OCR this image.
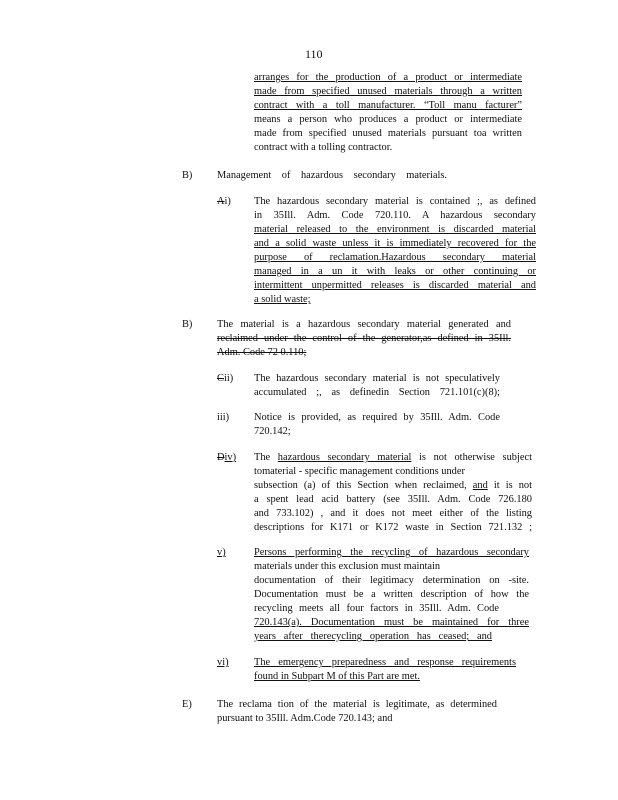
110

arranges for the production of a product or intermediate

made from specified unused materials through a written

contract with a toll manufacturer. “Toll manu facturer”

means a person who produces a product or intermediate

made from specified unused materials pursuant toa written

contract with a tolling contractor.

B) Management of hazardous secondary materials.

Ai) The hazardous secondary material is contained ;, as defined

in 35Ill. Adm. Code 720.110. A hazardous secondary

material released to the environment is discarded material

and a solid waste unless it is immediately recovered for the

purpose of reclamation.Hazardous secondary material

managed in a un it with leaks or other continuing or

intermittent unpermitted releases is discarded material and

a solid waste;

B) The material is a hazardous secondary material generated and

reclaimed under the control of the generator,as defined in 35Ill.

Adm. Code 72 0.110;

Cii) The hazardous secondary material is not speculatively

accumulated ;, as definedin Section 721.101(c)(8);

iii) Notice is provided, as required by 35Ill. Adm. Code

720.142;

Div) The hazardous secondary material is not otherwise subject

tomaterial - specific management conditions under

subsection (a) of this Section when reclaimed, and it is not

a spent lead acid battery (see 35Ill. Adm. Code 726.180

and 733.102) , and it does not meet either of the listing

descriptions for K171 or K172 waste in Section 721.132 ;

v)	Persons performing the recycling of hazardous secondary

materials under this exclusion must maintain

documentation of their legitimacy determination on -site.

Documentation must be a written description of how the

recycling meets all four factors in 35Ill. Adm. Code

720.143(a). Documentation must be maintained for three

years after therecycling operation has ceased; and

vi) The emergency preparedness and response requirements

found in Subpart M of this Part are met.

E) The reclama tion of the material is legitimate, as determined

pursuant to 35Ill. Adm.Code 720.143; and
